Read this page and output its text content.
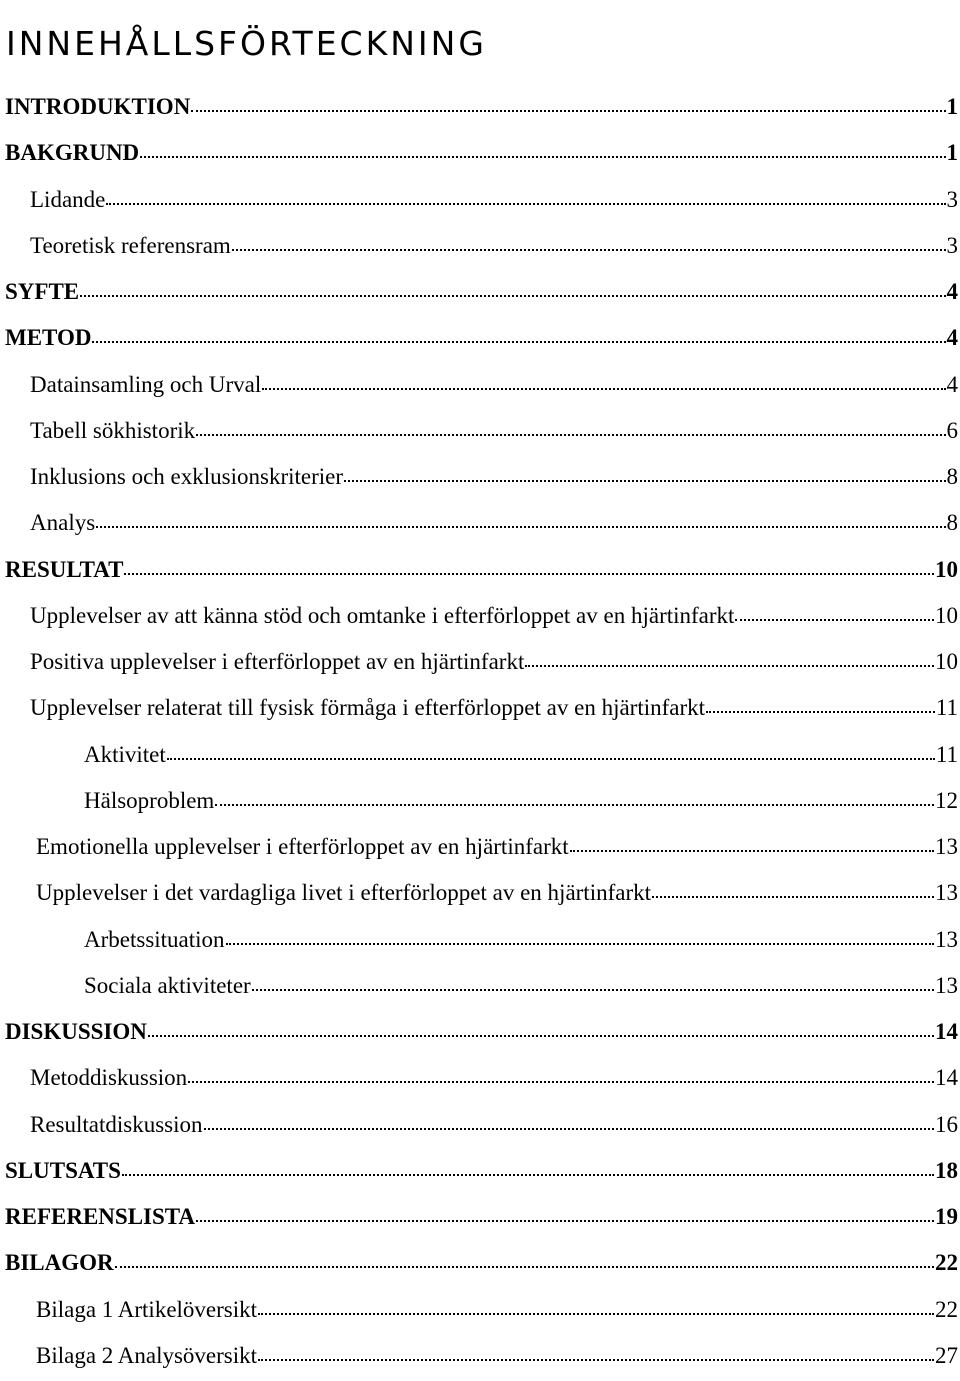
INNEHÅLLSFÖRTECKNING
INTRODUKTION	1
BAKGRUND	1
Lidande	3
Teoretisk referensram	3
SYFTE	4
METOD	4
Datainsamling och Urval	4
Tabell sökhistorik	6
Inklusions och exklusionskriterier	8
Analys	8
RESULTAT	10
Upplevelser av att känna stöd och omtanke i efterförloppet av en hjärtinfarkt	10
Positiva upplevelser i efterförloppet av en hjärtinfarkt	10
Upplevelser relaterat till fysisk förmåga i efterförloppet av en hjärtinfarkt	11
Aktivitet	11
Hälsoproblem	12
Emotionella upplevelser i efterförloppet av en hjärtinfarkt	13
Upplevelser i det vardagliga livet i efterförloppet av en hjärtinfarkt	13
Arbetssituation	13
Sociala aktiviteter	13
DISKUSSION	14
Metoddiskussion	14
Resultatdiskussion	16
SLUTSATS	18
REFERENSLISTA	19
BILAGOR	22
Bilaga 1 Artikelöversikt	22
Bilaga 2 Analysöversikt	27
